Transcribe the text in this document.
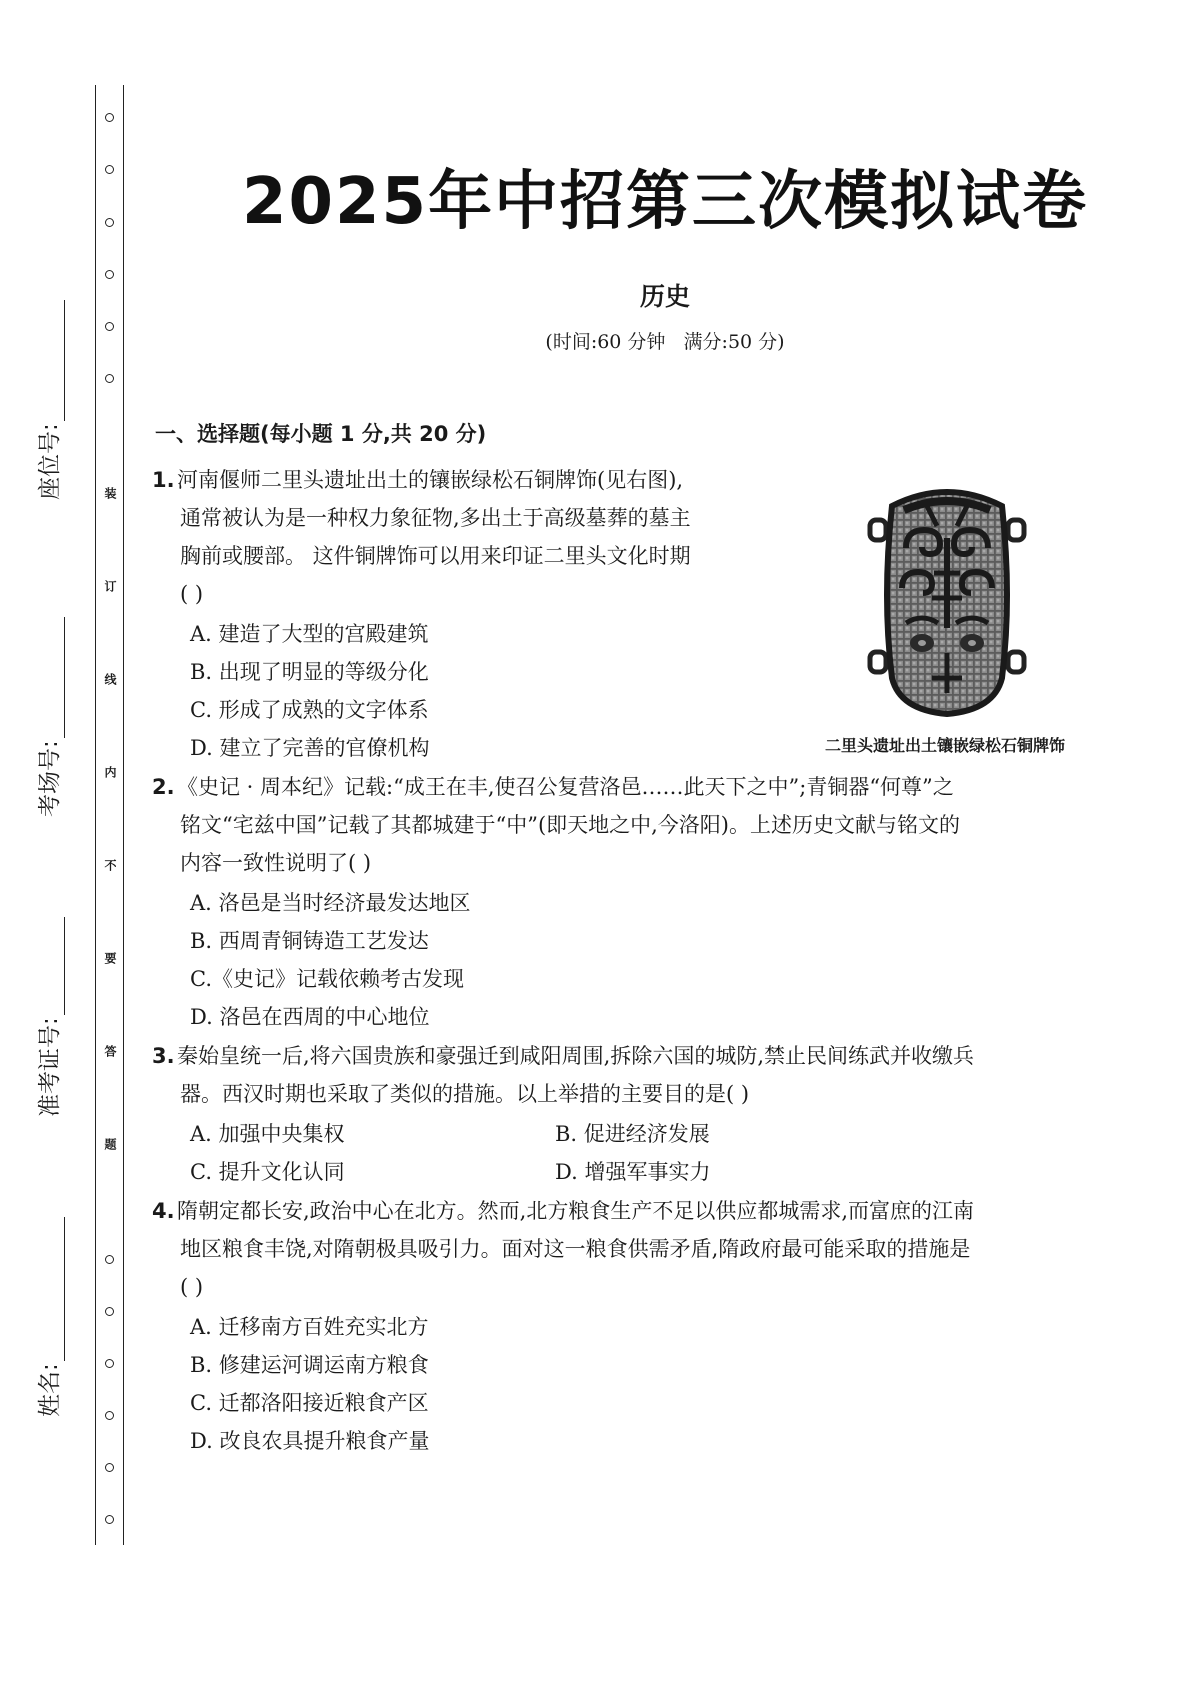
装
订
线
内
不
要
答
题
座位号:
考场号:
准考证号:
姓名:
2025年中招第三次模拟试卷
历史
(时间:60 分钟   满分:50 分)
一、选择题(每小题 1 分,共 20 分)
1. 河南偃师二里头遗址出土的镶嵌绿松石铜牌饰(见右图),
通常被认为是一种权力象征物,多出土于高级墓葬的墓主
胸前或腰部。 这件铜牌饰可以用来印证二里头文化时期
( )
A. 建造了大型的宫殿建筑
B. 出现了明显的等级分化
C. 形成了成熟的文字体系
D. 建立了完善的官僚机构	二里头遗址出土镶嵌绿松石铜牌饰
2. 《史记 · 周本纪》记载:“成王在丰,使召公复营洛邑……此天下之中”;青铜器“何尊”之
铭文“宅兹中国”记载了其都城建于“中”(即天地之中,今洛阳)。上述历史文献与铭文的
内容一致性说明了( )
A. 洛邑是当时经济最发达地区
B. 西周青铜铸造工艺发达
C.《史记》记载依赖考古发现
D. 洛邑在西周的中心地位
3. 秦始皇统一后,将六国贵族和豪强迁到咸阳周围,拆除六国的城防,禁止民间练武并收缴兵
器。西汉时期也采取了类似的措施。以上举措的主要目的是( )
A. 加强中央集权	B. 促进经济发展
C. 提升文化认同	D. 增强军事实力
4. 隋朝定都长安,政治中心在北方。然而,北方粮食生产不足以供应都城需求,而富庶的江南
地区粮食丰饶,对隋朝极具吸引力。面对这一粮食供需矛盾,隋政府最可能采取的措施是
( )
A. 迁移南方百姓充实北方
B. 修建运河调运南方粮食
C. 迁都洛阳接近粮食产区
D. 改良农具提升粮食产量
